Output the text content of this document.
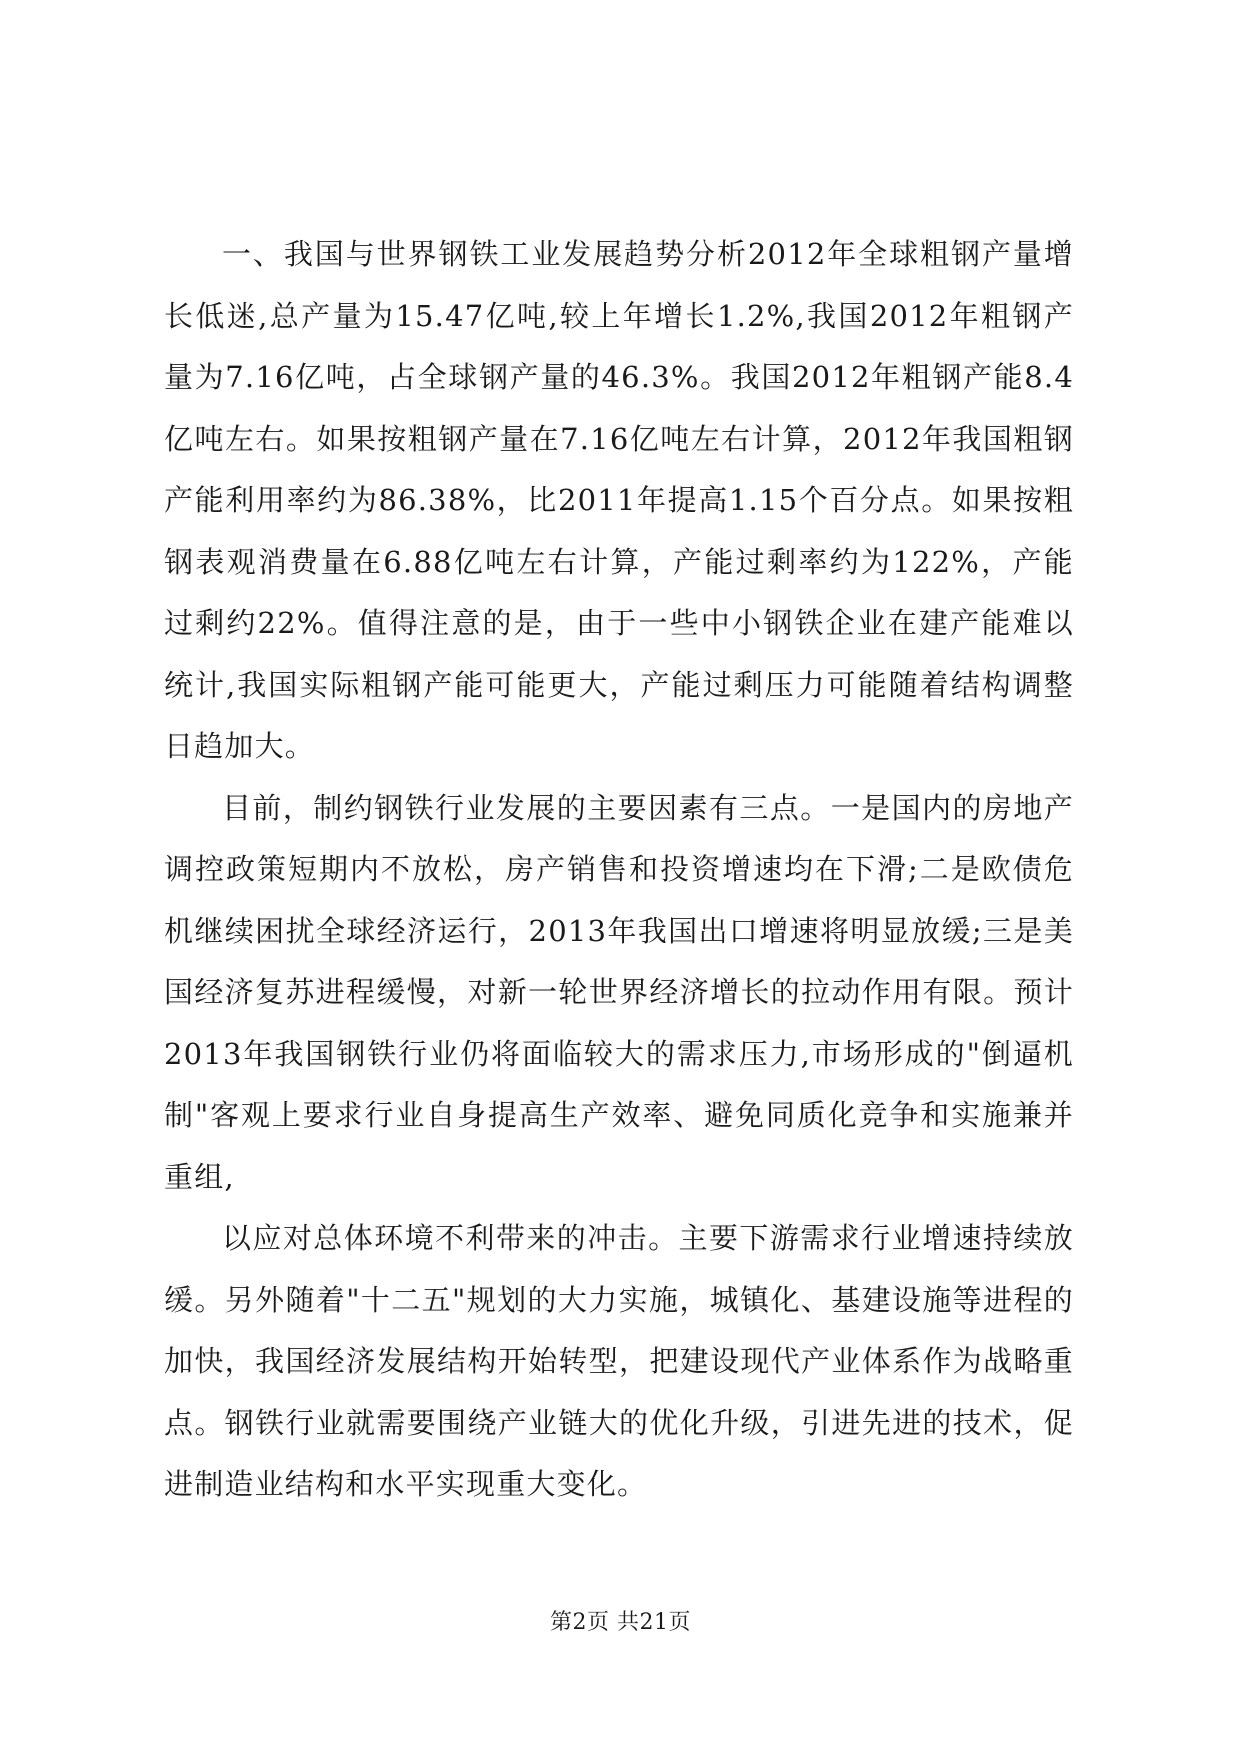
一、我国与世界钢铁工业发展趋势分析2012年全球粗钢产量增长低迷,总产量为15.47亿吨,较上年增长1.2%,我国2012年粗钢产量为7.16亿吨，占全球钢产量的46.3%。我国2012年粗钢产能8.4亿吨左右。如果按粗钢产量在7.16亿吨左右计算，2012年我国粗钢产能利用率约为86.38%，比2011年提高1.15个百分点。如果按粗钢表观消费量在6.88亿吨左右计算，产能过剩率约为122%，产能过剩约22%。值得注意的是，由于一些中小钢铁企业在建产能难以统计,我国实际粗钢产能可能更大，产能过剩压力可能随着结构调整日趋加大。

目前，制约钢铁行业发展的主要因素有三点。一是国内的房地产调控政策短期内不放松，房产销售和投资增速均在下滑;二是欧债危机继续困扰全球经济运行，2013年我国出口增速将明显放缓;三是美国经济复苏进程缓慢，对新一轮世界经济增长的拉动作用有限。预计2013年我国钢铁行业仍将面临较大的需求压力,市场形成的"倒逼机制"客观上要求行业自身提高生产效率、避免同质化竞争和实施兼并重组,

以应对总体环境不利带来的冲击。主要下游需求行业增速持续放缓。另外随着"十二五"规划的大力实施，城镇化、基建设施等进程的加快，我国经济发展结构开始转型，把建设现代产业体系作为战略重点。钢铁行业就需要围绕产业链大的优化升级，引进先进的技术，促进制造业结构和水平实现重大变化。

第2页 共21页
